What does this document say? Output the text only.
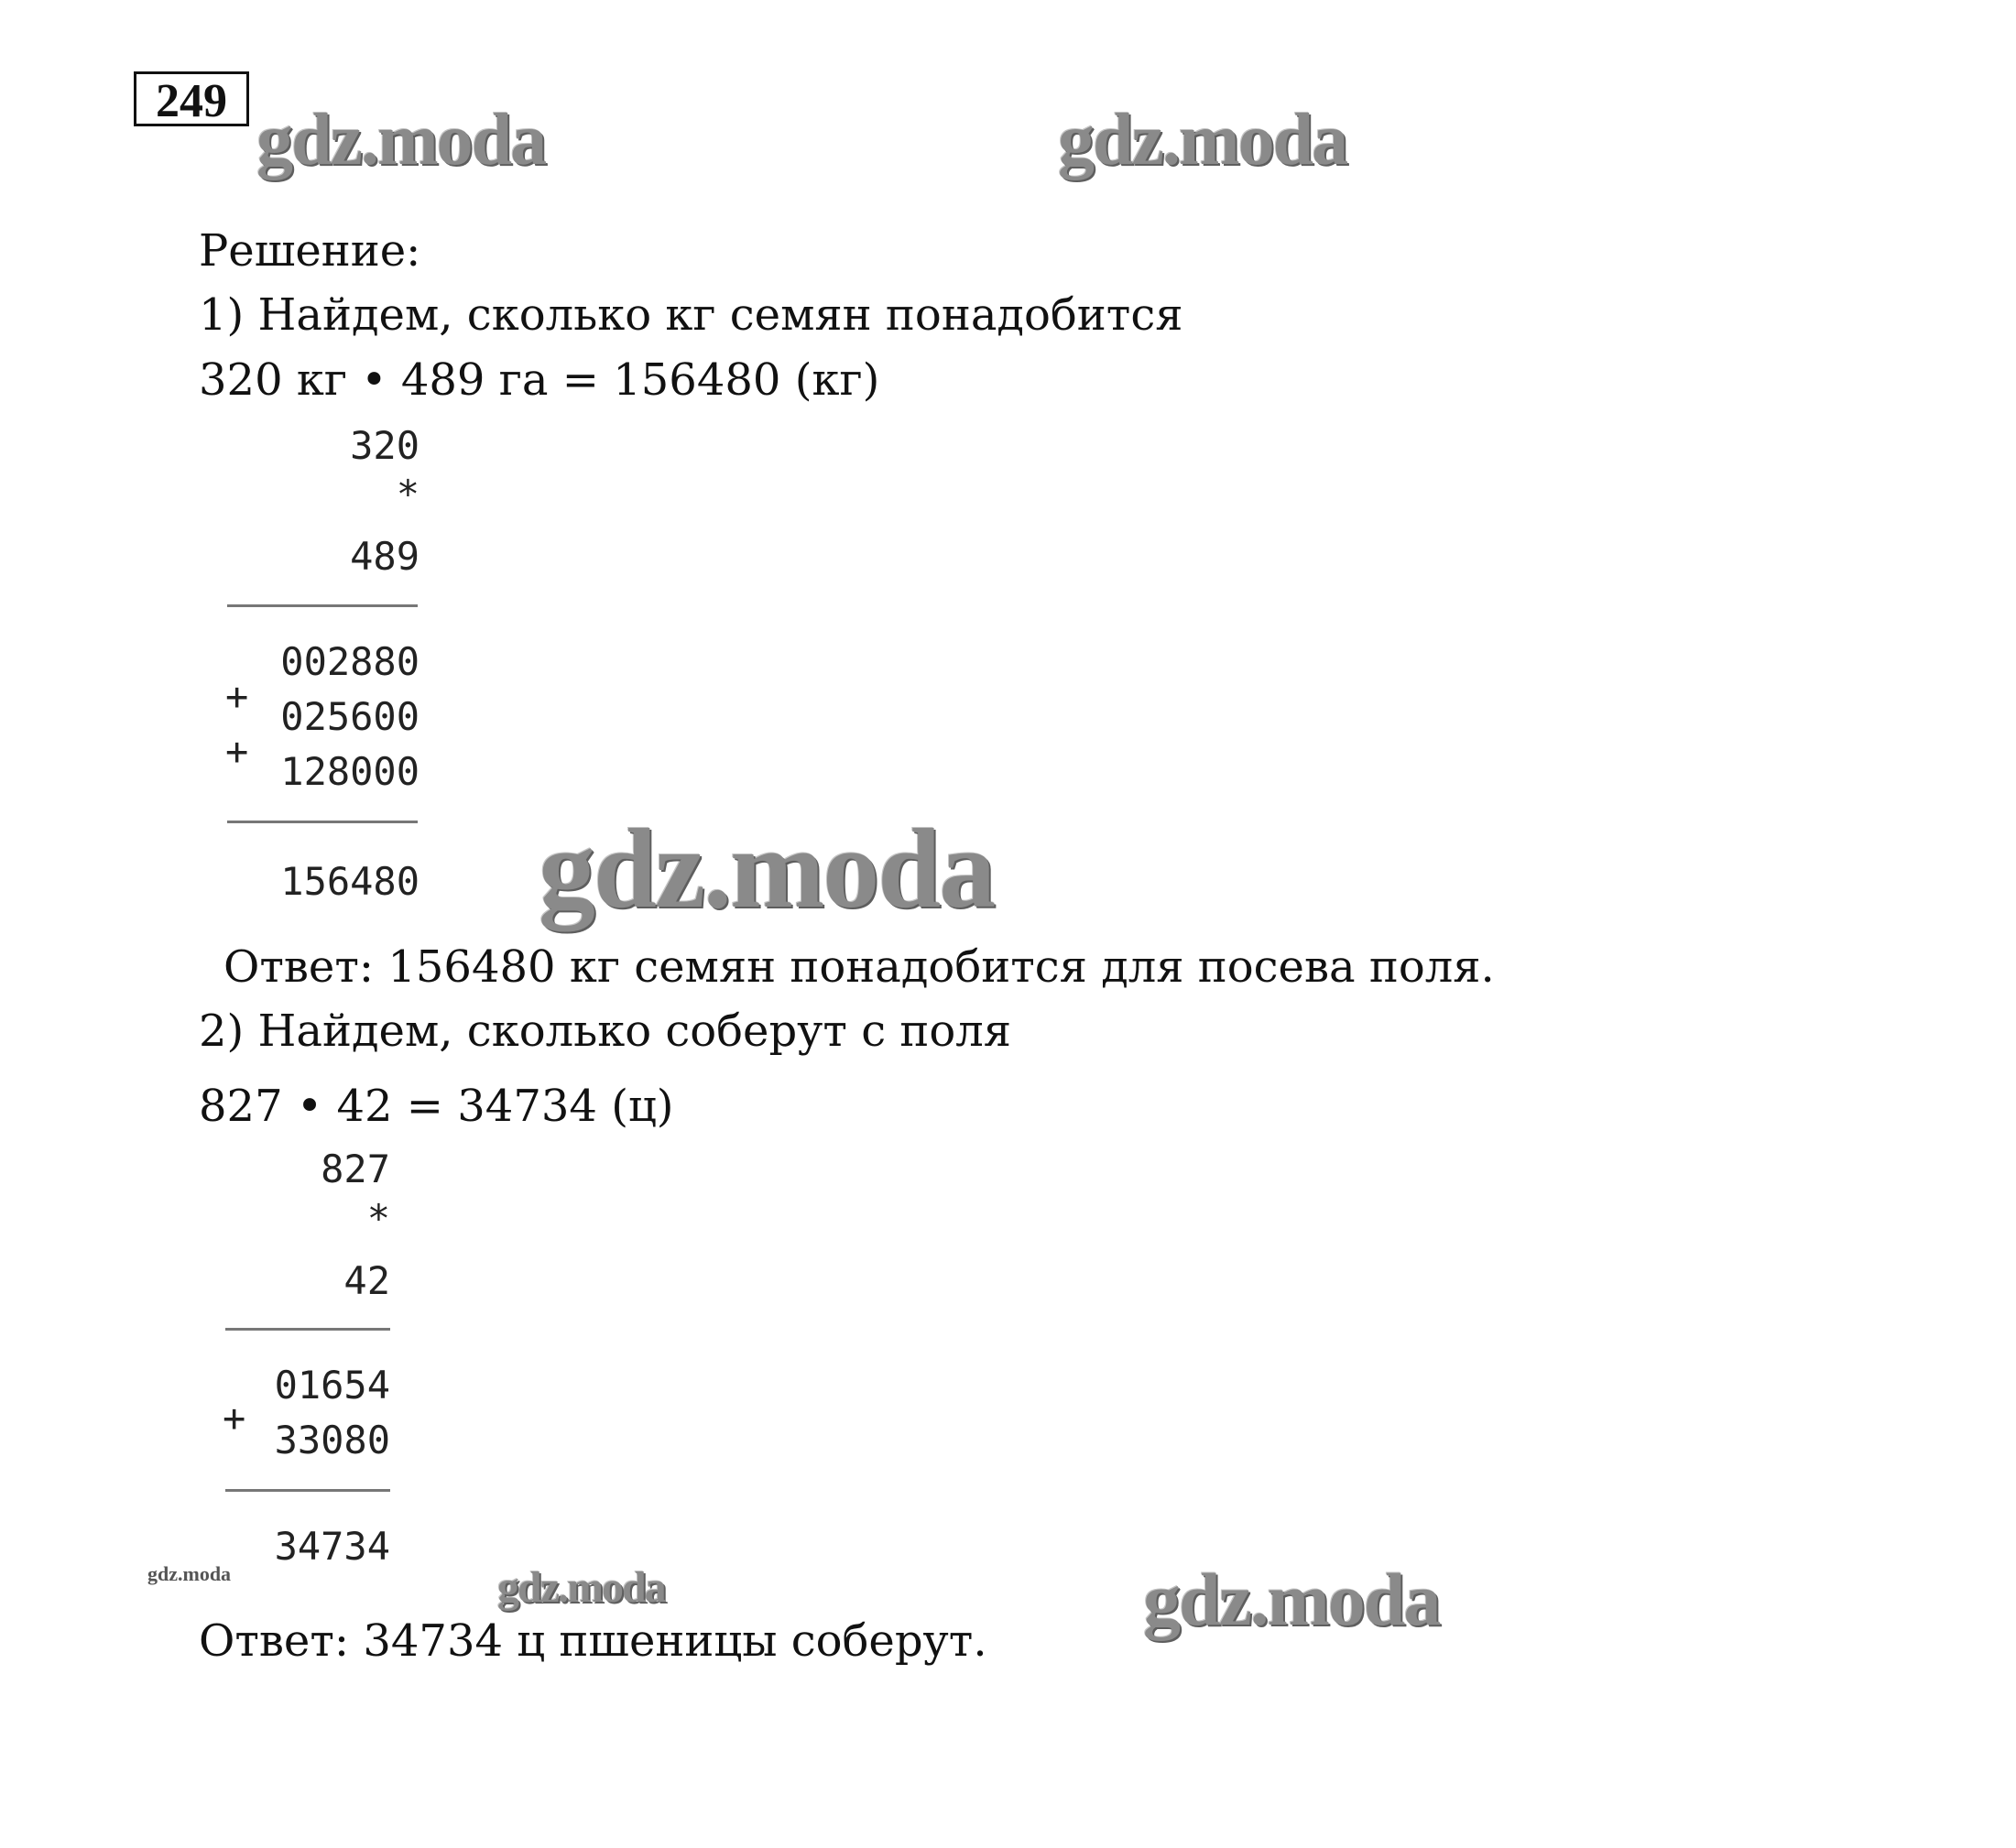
249 gdz.moda	gdz.moda
Решение:
1) Найдем, сколько кг семян понадобится
320 кг • 489 га = 156480 (кг)
320
*
489
002880
+ 025600
+ 128000
156480
Ответ: 156480 кг семян понадобится для посева поля.
gdz.moda
2) Найдем, сколько соберут с поля
827 • 42 = 34734 (ц)
827
*
42
01654
+ 33080
34734
gdz.moda	gdz.moda	gdz.moda
Ответ: 34734 ц пшеницы соберут.
